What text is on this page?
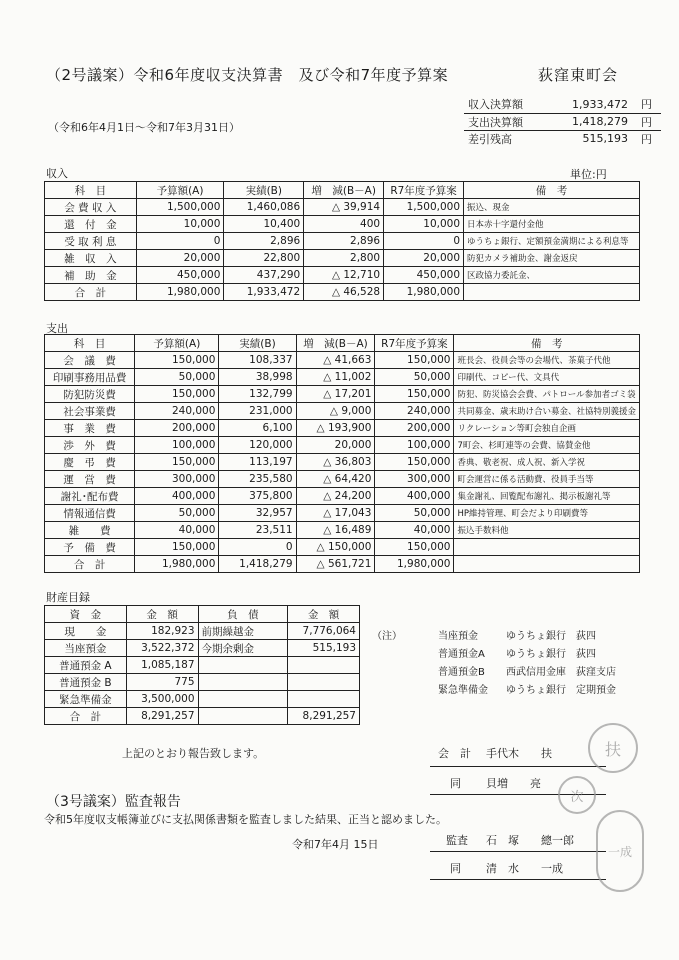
（2号議案）令和6年度収支決算書　及び令和7年度予算案	荻窪東町会
（令和6年4月1日～令和7年3月31日）
収入決算額	1,933,472	円
支出決算額	1,418,279	円
差引残高	515,193	円
収入	単位:円
科　目	予算額(A)	実績(B)	増　減(B－A)	R7年度予算案	備　考
会 費 収 入	1,500,000	1,460,086	△ 39,914	1,500,000	振込、現金
還　付　金	10,000	10,400	400	10,000	日本赤十字還付金他
受 取 利 息	0	2,896	2,896	0	ゆうちょ銀行、定額預金満期による利息等
雑　収　入	20,000	22,800	2,800	20,000	防犯カメラ補助金、謝金返戻
補　助　金	450,000	437,290	△ 12,710	450,000	区政協力委託金、
合　計	1,980,000	1,933,472	△ 46,528	1,980,000	
支出
科　目	予算額(A)	実績(B)	増　減(B－A)	R7年度予算案	備　考
会　議　費	150,000	108,337	△ 41,663	150,000	班長会、役員会等の会場代、茶菓子代他
印刷事務用品費	50,000	38,998	△ 11,002	50,000	印刷代、コピー代、文具代
防犯防災費	150,000	132,799	△ 17,201	150,000	防犯、防災協会会費、パトロール参加者ゴミ袋
社会事業費	240,000	231,000	△ 9,000	240,000	共同募金、歳末助け合い募金、社協特別義援金
事　業　費	200,000	6,100	△ 193,900	200,000	リクレーション等町会独自企画
渉　外　費	100,000	120,000	20,000	100,000	7町会、杉町連等の会費、協賛金他
慶　弔　費	150,000	113,197	△ 36,803	150,000	香典、敬老祝、成人祝、新入学祝
運　営　費	300,000	235,580	△ 64,420	300,000	町会運営に係る活動費、役員手当等
謝礼･配布費	400,000	375,800	△ 24,200	400,000	集金謝礼、回覧配布謝礼、掲示板謝礼等
情報通信費	50,000	32,957	△ 17,043	50,000	HP維持管理、町会だより印刷費等
雑　　費	40,000	23,511	△ 16,489	40,000	振込手数料他
予　備　費	150,000	0	△ 150,000	150,000	
合　計	1,980,000	1,418,279	△ 561,721	1,980,000	
財産目録
資　金	金　額	負　債	金　額
現　　金	182,923	前期繰越金	7,776,064
当座預金	3,522,372	今期余剰金	515,193
普通預金 A	1,085,187		
普通預金 B	775		
緊急準備金	3,500,000		
合　計	8,291,257		8,291,257
（注）	当座預金	ゆうちょ銀行　荻四
普通預金A	ゆうちょ銀行　荻四
普通預金B	西武信用金庫　荻窪支店
緊急準備金	ゆうちょ銀行　定期預金
上記のとおり報告致します。	会　計	手代木　　扶
同	貝増　　亮
扶
次
（3号議案）監査報告
令和5年度収支帳簿並びに支払関係書類を監査しました結果、正当と認めました。
令和7年4月 15日	監査	石　塚　　總一郎
同	清　水　　一成
一成
